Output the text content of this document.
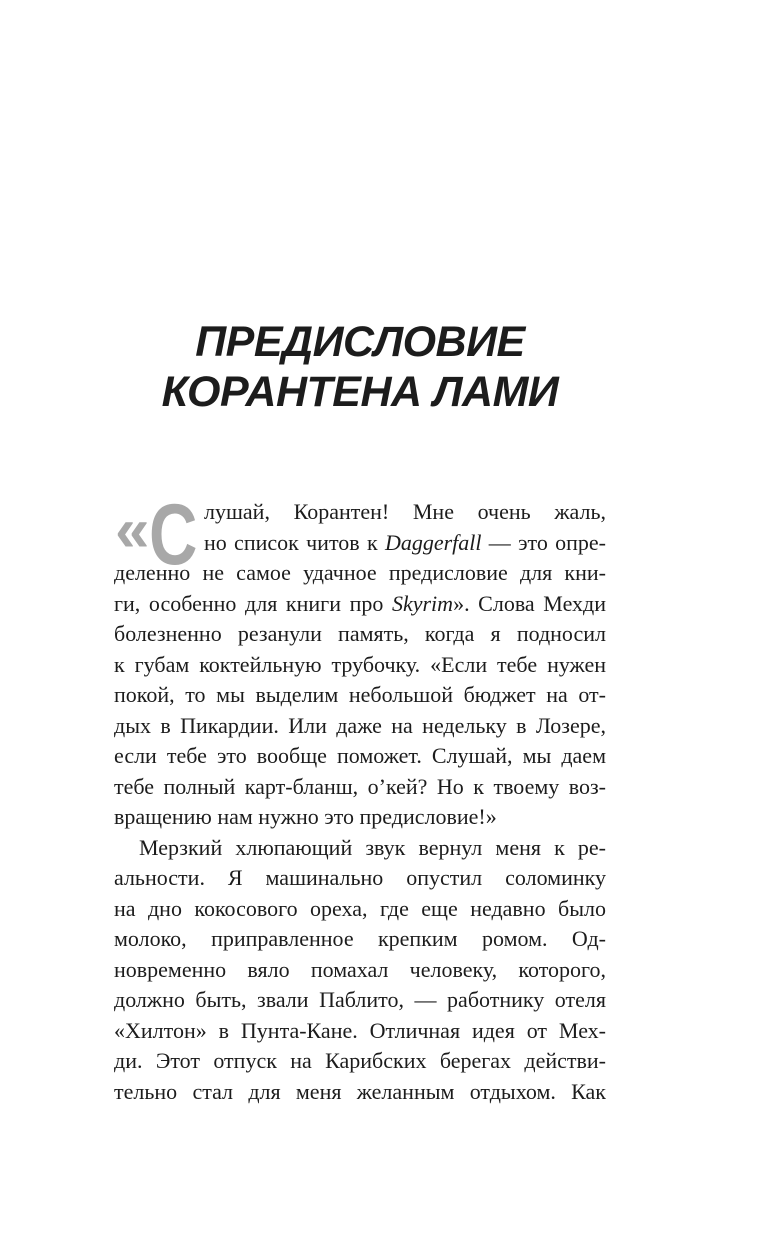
ПРЕДИСЛОВИЕ
КОРАНТЕНА ЛАМИ
« С лушай, Корантен! Мне очень жаль,
но список читов к Daggerfall — это опре-
деленно не самое удачное предисловие для кни-
ги, особенно для книги про Skyrim». Слова Мехди
болезненно резанули память, когда я подносил
к губам коктейльную трубочку. «Если тебе нужен
покой, то мы выделим небольшой бюджет на от-
дых в Пикардии. Или даже на недельку в Лозере,
если тебе это вообще поможет. Слушай, мы даем
тебе полный карт-бланш, о’кей? Но к твоему воз-
вращению нам нужно это предисловие!»
Мерзкий хлюпающий звук вернул меня к ре-
альности. Я машинально опустил соломинку
на дно кокосового ореха, где еще недавно было
молоко, приправленное крепким ромом. Од-
новременно вяло помахал человеку, которого,
должно быть, звали Паблито, — работнику отеля
«Хилтон» в Пунта-Кане. Отличная идея от Мех-
ди. Этот отпуск на Карибских берегах действи-
тельно стал для меня желанным отдыхом. Как
